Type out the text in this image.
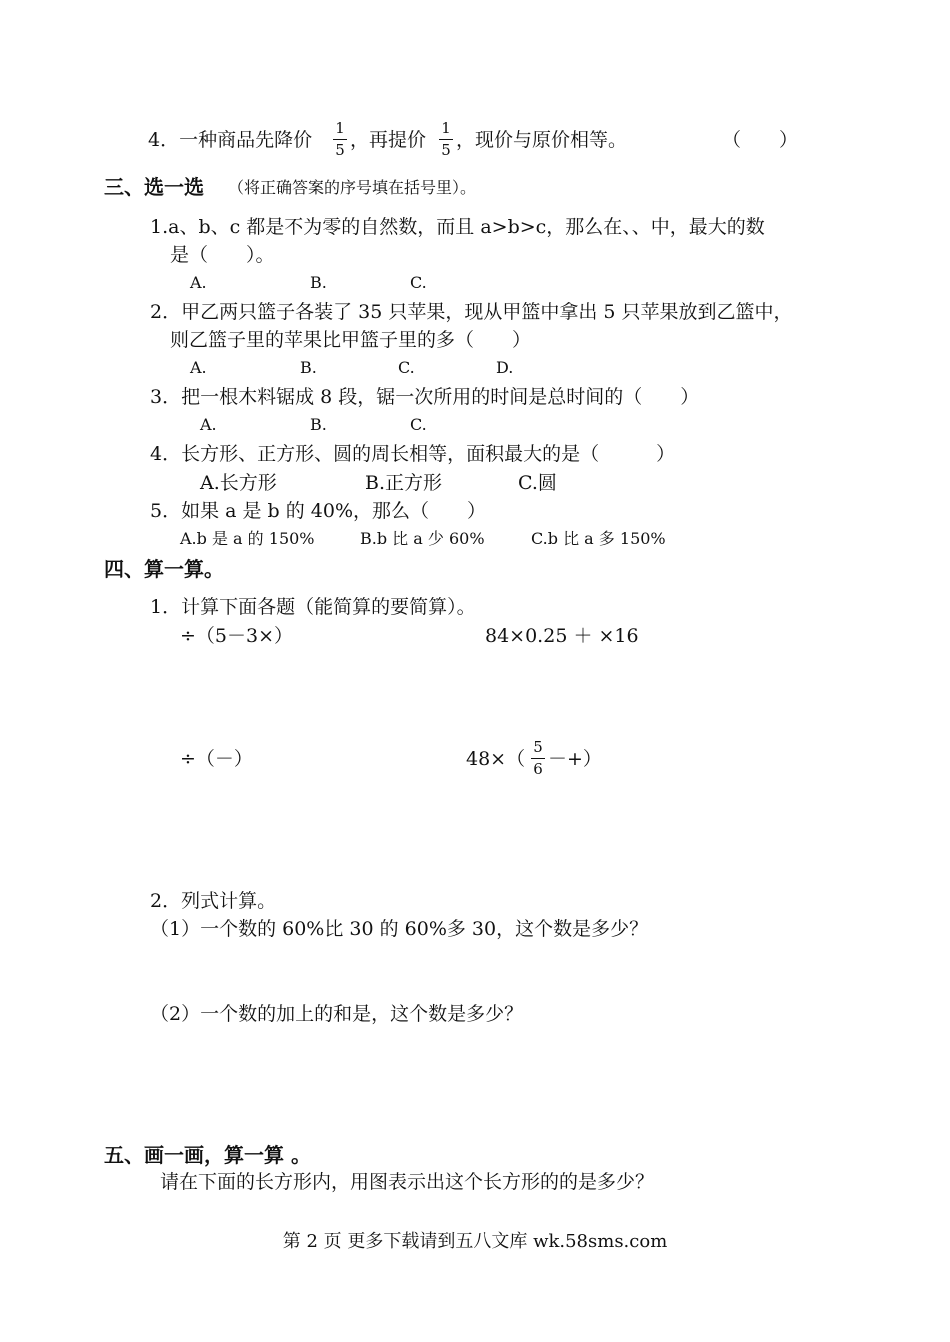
4．一种商品先降价
1
5 ，再提价
1
5 ，现价与原价相等。	（　　）
三、选一选 （将正确答案的序号填在括号里）。
1.a、b、c 都是不为零的自然数，而且 a>b>c，那么在、、中，最大的数
是（　　）。
A.	B.	C.
2．甲乙两只篮子各装了 35 只苹果，现从甲篮中拿出 5 只苹果放到乙篮中，
则乙篮子里的苹果比甲篮子里的多（　　）
A.	B.	C.	D.
3．把一根木料锯成 8 段，锯一次所用的时间是总时间的（　　）
A.	B.	C.
4．长方形、正方形、圆的周长相等，面积最大的是（　　　）
A.长方形	B.正方形	C.圆
5．如果 a 是 b 的 40%，那么（　　）
A.b 是 a 的 150%	B.b 比 a 少 60%	C.b 比 a 多 150%
四、算一算。
1．计算下面各题（能简算的要简算）。
÷（5－3×）	84×0.25 ＋ ×16
÷（－）	48×（
5
6 －+）
2．列式计算。
（1）一个数的 60%比 30 的 60%多 30，这个数是多少？
（2）一个数的加上的和是，这个数是多少？
五、画一画，算一算 。
请在下面的长方形内，用图表示出这个长方形的的是多少？
第 2 页 更多下载请到五八文库 wk.58sms.com
